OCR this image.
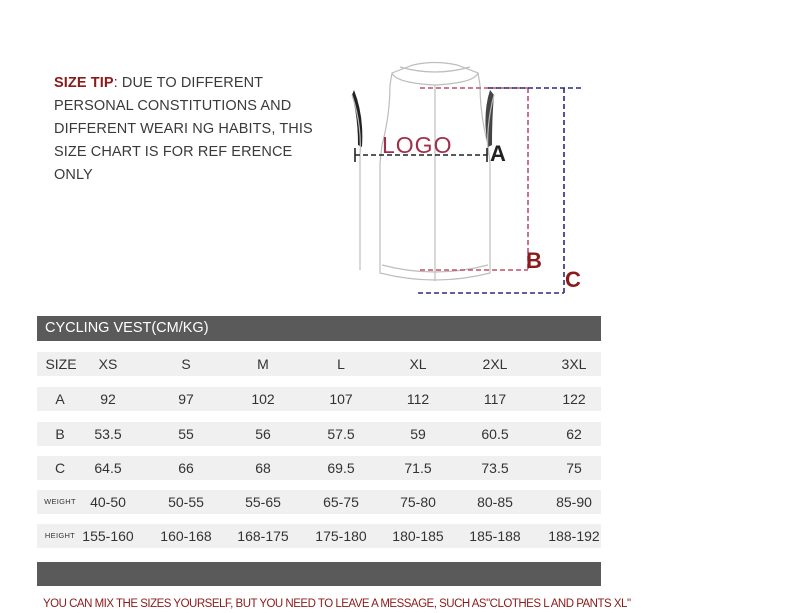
SIZE TIP: DUE TO DIFFERENT PERSONAL CONSTITUTIONS AND DIFFERENT WEARI NG HABITS, THIS SIZE CHART IS FOR REF ERENCE ONLY
LOGO A
B
C
CYCLING VEST(CM/KG)
SIZE	XS	S	M	L	XL	2XL	3XL
A	92	97	102	107	112	117	122
B	53.5	55	56	57.5	59	60.5	62
C	64.5	66	68	69.5	71.5	73.5	75
WEIGHT	40-50	50-55	55-65	65-75	75-80	80-85	85-90
HEIGHT 155-160 160-168 168-175 175-180 180-185 185-188 188-192
YOU CAN MIX THE SIZES YOURSELF, BUT YOU NEED TO LEAVE A MESSAGE, SUCH AS"CLOTHES L AND PANTS XL"
